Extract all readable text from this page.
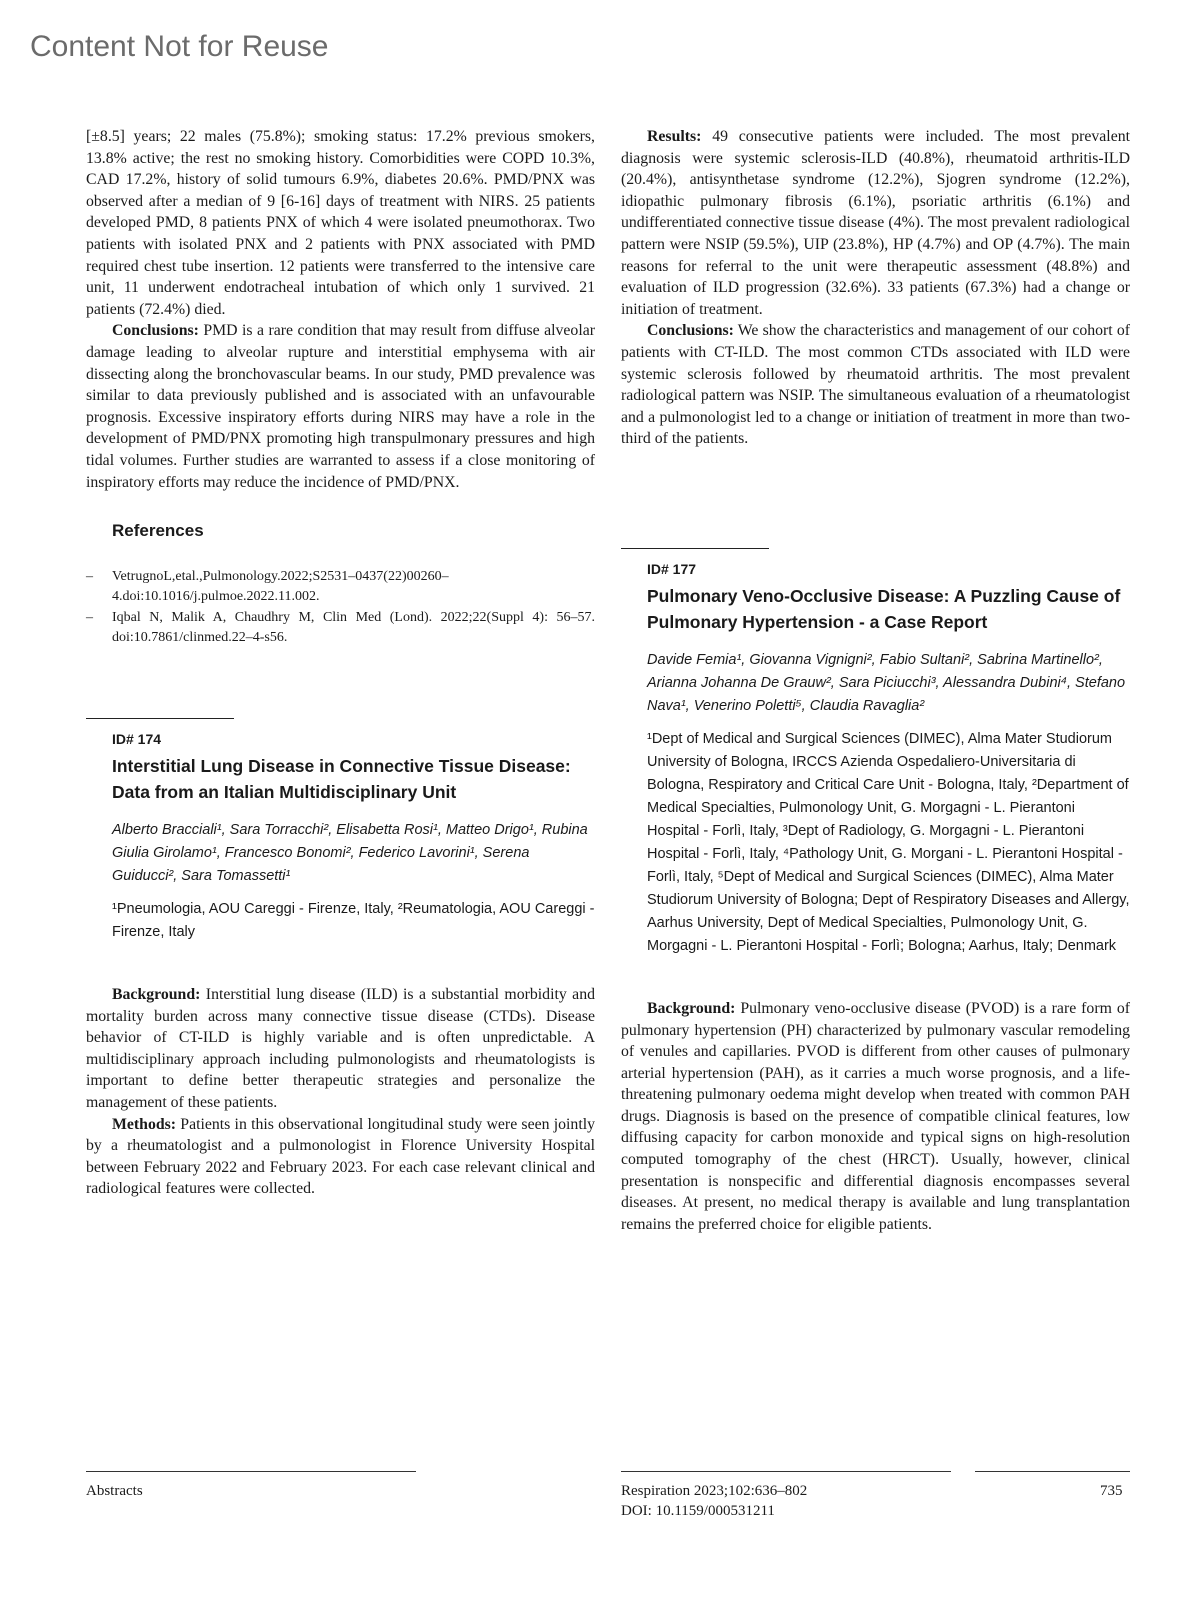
Content Not for Reuse

[±8.5] years; 22 males (75.8%); smoking status: 17.2% previous smokers, 13.8% active; the rest no smoking history. Comorbidities were COPD 10.3%, CAD 17.2%, history of solid tumours 6.9%, diabetes 20.6%. PMD/PNX was observed after a median of 9 [6-16] days of treatment with NIRS. 25 patients developed PMD, 8 patients PNX of which 4 were isolated pneumothorax. Two patients with isolated PNX and 2 patients with PNX associated with PMD required chest tube insertion. 12 patients were transferred to the intensive care unit, 11 underwent endotracheal intubation of which only 1 survived. 21 patients (72.4%) died.

Conclusions: PMD is a rare condition that may result from diffuse alveolar damage leading to alveolar rupture and interstitial emphysema with air dissecting along the bronchovascular beams. In our study, PMD prevalence was similar to data previously published and is associated with an unfavourable prognosis. Excessive inspiratory efforts during NIRS may have a role in the development of PMD/PNX promoting high transpulmonary pressures and high tidal volumes. Further studies are warranted to assess if a close monitoring of inspiratory efforts may reduce the incidence of PMD/PNX.

References
– VetrugnoL,etal.,Pulmonology.2022;S2531–0437(22)00260–4.doi:10.1016/j.pulmoe.2022.11.002.
– Iqbal N, Malik A, Chaudhry M, Clin Med (Lond). 2022;22(Suppl 4): 56–57. doi:10.7861/clinmed.22–4-s56.
ID# 174
Interstitial Lung Disease in Connective Tissue Disease: Data from an Italian Multidisciplinary Unit
Alberto Bracciali¹, Sara Torracchi², Elisabetta Rosi¹, Matteo Drigo¹, Rubina Giulia Girolamo¹, Francesco Bonomi², Federico Lavorini¹, Serena Guiducci², Sara Tomassetti¹
¹Pneumologia, AOU Careggi - Firenze, Italy, ²Reumatologia, AOU Careggi - Firenze, Italy

Background: Interstitial lung disease (ILD) is a substantial morbidity and mortality burden across many connective tissue disease (CTDs). Disease behavior of CT-ILD is highly variable and is often unpredictable. A multidisciplinary approach including pulmonologists and rheumatologists is important to define better therapeutic strategies and personalize the management of these patients.

Methods: Patients in this observational longitudinal study were seen jointly by a rheumatologist and a pulmonologist in Florence University Hospital between February 2022 and February 2023. For each case relevant clinical and radiological features were collected.

Results: 49 consecutive patients were included. The most prevalent diagnosis were systemic sclerosis-ILD (40.8%), rheumatoid arthritis-ILD (20.4%), antisynthetase syndrome (12.2%), Sjogren syndrome (12.2%), idiopathic pulmonary fibrosis (6.1%), psoriatic arthritis (6.1%) and undifferentiated connective tissue disease (4%). The most prevalent radiological pattern were NSIP (59.5%), UIP (23.8%), HP (4.7%) and OP (4.7%). The main reasons for referral to the unit were therapeutic assessment (48.8%) and evaluation of ILD progression (32.6%). 33 patients (67.3%) had a change or initiation of treatment.

Conclusions: We show the characteristics and management of our cohort of patients with CT-ILD. The most common CTDs associated with ILD were systemic sclerosis followed by rheumatoid arthritis. The most prevalent radiological pattern was NSIP. The simultaneous evaluation of a rheumatologist and a pulmonologist led to a change or initiation of treatment in more than two-third of the patients.

ID# 177
Pulmonary Veno-Occlusive Disease: A Puzzling Cause of Pulmonary Hypertension - a Case Report
Davide Femia¹, Giovanna Vignigni², Fabio Sultani², Sabrina Martinello², Arianna Johanna De Grauw², Sara Piciucchi³, Alessandra Dubini⁴, Stefano Nava¹, Venerino Poletti⁵, Claudia Ravaglia²
¹Dept of Medical and Surgical Sciences (DIMEC), Alma Mater Studiorum University of Bologna, IRCCS Azienda Ospedaliero-Universitaria di Bologna, Respiratory and Critical Care Unit - Bologna, Italy, ²Department of Medical Specialties, Pulmonology Unit, G. Morgagni - L. Pierantoni Hospital - Forlì, Italy, ³Dept of Radiology, G. Morgagni - L. Pierantoni Hospital - Forlì, Italy, ⁴Pathology Unit, G. Morgani - L. Pierantoni Hospital - Forlì, Italy, ⁵Dept of Medical and Surgical Sciences (DIMEC), Alma Mater Studiorum University of Bologna; Dept of Respiratory Diseases and Allergy, Aarhus University, Dept of Medical Specialties, Pulmonology Unit, G. Morgagni - L. Pierantoni Hospital - Forlì; Bologna; Aarhus, Italy; Denmark

Background: Pulmonary veno-occlusive disease (PVOD) is a rare form of pulmonary hypertension (PH) characterized by pulmonary vascular remodeling of venules and capillaries. PVOD is different from other causes of pulmonary arterial hypertension (PAH), as it carries a much worse prognosis, and a life-threatening pulmonary oedema might develop when treated with common PAH drugs. Diagnosis is based on the presence of compatible clinical features, low diffusing capacity for carbon monoxide and typical signs on high-resolution computed tomography of the chest (HRCT). Usually, however, clinical presentation is nonspecific and differential diagnosis encompasses several diseases. At present, no medical therapy is available and lung transplantation remains the preferred choice for eligible patients.

Abstracts	Respiration 2023;102:636–802
DOI: 10.1159/000531211
735
